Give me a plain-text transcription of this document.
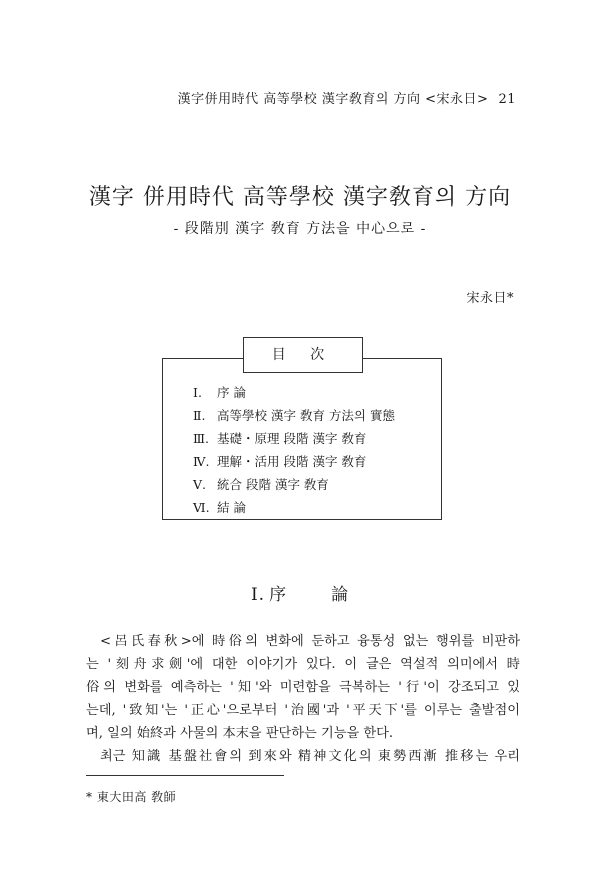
漢字併用時代 高等學校 漢字敎育의 方向 <宋永日> 21
漢字 併用時代 高等學校 漢字敎育의 方向
- 段階別 漢字 敎育 方法을 中心으로 -
宋永日*
目 次
Ⅰ. 序 論
Ⅱ. 高等學校 漢字 敎育 方法의 實態
Ⅲ. 基礎・原理 段階 漢字 敎育
Ⅳ. 理解・活用 段階 漢字 敎育
Ⅴ. 統合 段階 漢字 敎育
Ⅵ. 結 論
Ⅰ. 序	論

<呂氏春秋>에 時俗의 변화에 둔하고 융통성 없는 행위를 비판하
는 '刻舟求劍'에 대한 이야기가 있다. 이 글은 역설적 의미에서 時
俗의 변화를 예측하는 '知'와 미련함을 극복하는 '行'이 강조되고 있
는데, '致知'는 '正心'으로부터 '治國'과 '平天下'를 이루는 출발점이
며, 일의 始終과 사물의 本末을 판단하는 기능을 한다.
최근 知識 基盤社會의 到來와 精神文化의 東勢西漸 推移는 우리

* 東大田高 敎師
